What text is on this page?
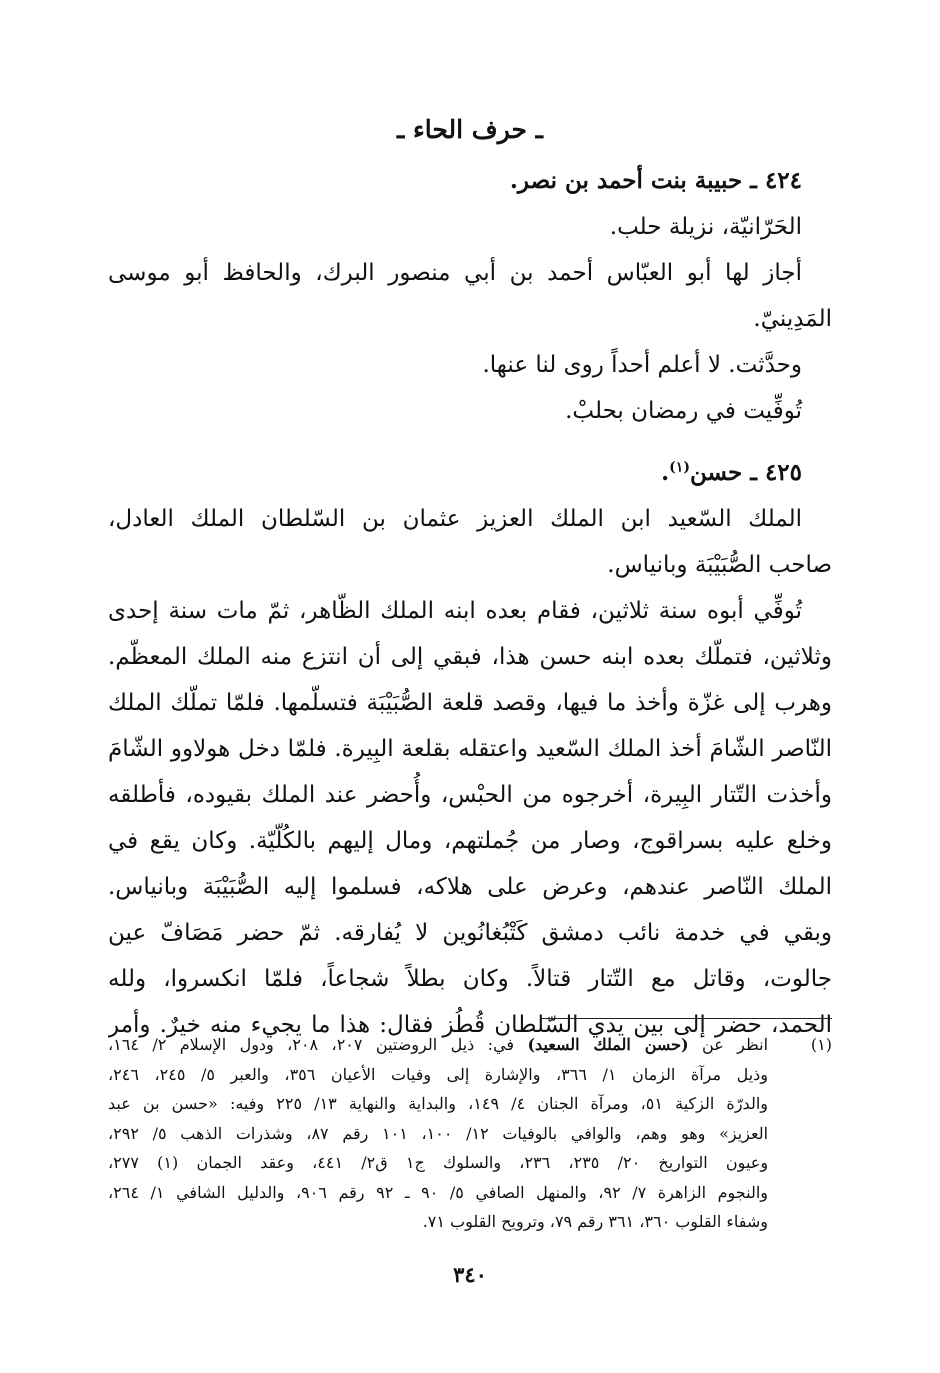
ـ حرف الحاء ـ
٤٢٤ ـ حبيبة بنت أحمد بن نصر.
الحَرّانيّة، نزيلة حلب.
أجاز لها أبو العبّاس أحمد بن أبي منصور البرك، والحافظ أبو موسى
المَدِينيّ.
وحدَّثت. لا أعلم أحداً روى لنا عنها.
تُوفِّيت في رمضان بحلبْ.
٤٢٥ ـ حسن$^{(١)}$.
الملك السّعيد ابن الملك العزيز عثمان بن السّلطان الملك العادل،
صاحب الصُّبَيْبَة وبانياس.
تُوفِّي أبوه سنة ثلاثين، فقام بعده ابنه الملك الظّاهر، ثمّ مات سنة إحدى
وثلاثين، فتملّك بعده ابنه حسن هذا، فبقي إلى أن انتزع منه الملك المعظّم.
وهرب إلى غزّة وأخذ ما فيها، وقصد قلعة الصُّبَيْبَة فتسلّمها. فلمّا تملّك الملك
النّاصر الشّامَ أخذ الملك السّعيد واعتقله بقلعة البِيرة. فلمّا دخل هولاوو الشّامَ
وأخذت التّتار البِيرة، أخرجوه من الحبْس، وأُحضر عند الملك بقيوده، فأطلقه
وخلع عليه بسراقوج، وصار من جُملتهم، ومال إليهم بالكُلّيّة. وكان يقع في
الملك النّاصر عندهم، وعرض على هلاكه، فسلموا إليه الصُّبَيْبَة وبانياس.
وبقي في خدمة نائب دمشق كَتْبُغانُوين لا يُفارقه. ثمّ حضر مَصَافّ عين
جالوت، وقاتل مع التّتار قتالاً. وكان بطلاً شجاعاً، فلمّا انكسروا، ولله
الحمد، حضر إلى بين يدي السّلطان قُطُز فقال: هذا ما يجيء منه خيرٌ. وأمر
(١)
انظر عن (حسن الملك السعيد) في: ذيل الروضتين ٢٠٧، ٢٠٨، ودول الإسلام ٢/ ١٦٤،
وذيل مرآة الزمان ١/ ٣٦٦، والإشارة إلى وفيات الأعيان ٣٥٦، والعبر ٥/ ٢٤٥، ٢٤٦،
والدرّة الزكية ٥١، ومرآة الجنان ٤/ ١٤٩، والبداية والنهاية ١٣/ ٢٢٥ وفيه: «حسن بن عبد
العزيز» وهو وهم، والوافي بالوفيات ١٢/ ١٠٠، ١٠١ رقم ٨٧، وشذرات الذهب ٥/ ٢٩٢،
وعيون التواريخ ٢٠/ ٢٣٥، ٢٣٦، والسلوك ج١ ق٢/ ٤٤١، وعقد الجمان (١) ٢٧٧،
والنجوم الزاهرة ٧/ ٩٢، والمنهل الصافي ٥/ ٩٠ ـ ٩٢ رقم ٩٠٦، والدليل الشافي ١/ ٢٦٤،
وشفاء القلوب ٣٦٠، ٣٦١ رقم ٧٩، وترويح القلوب ٧١.
٣٤٠
